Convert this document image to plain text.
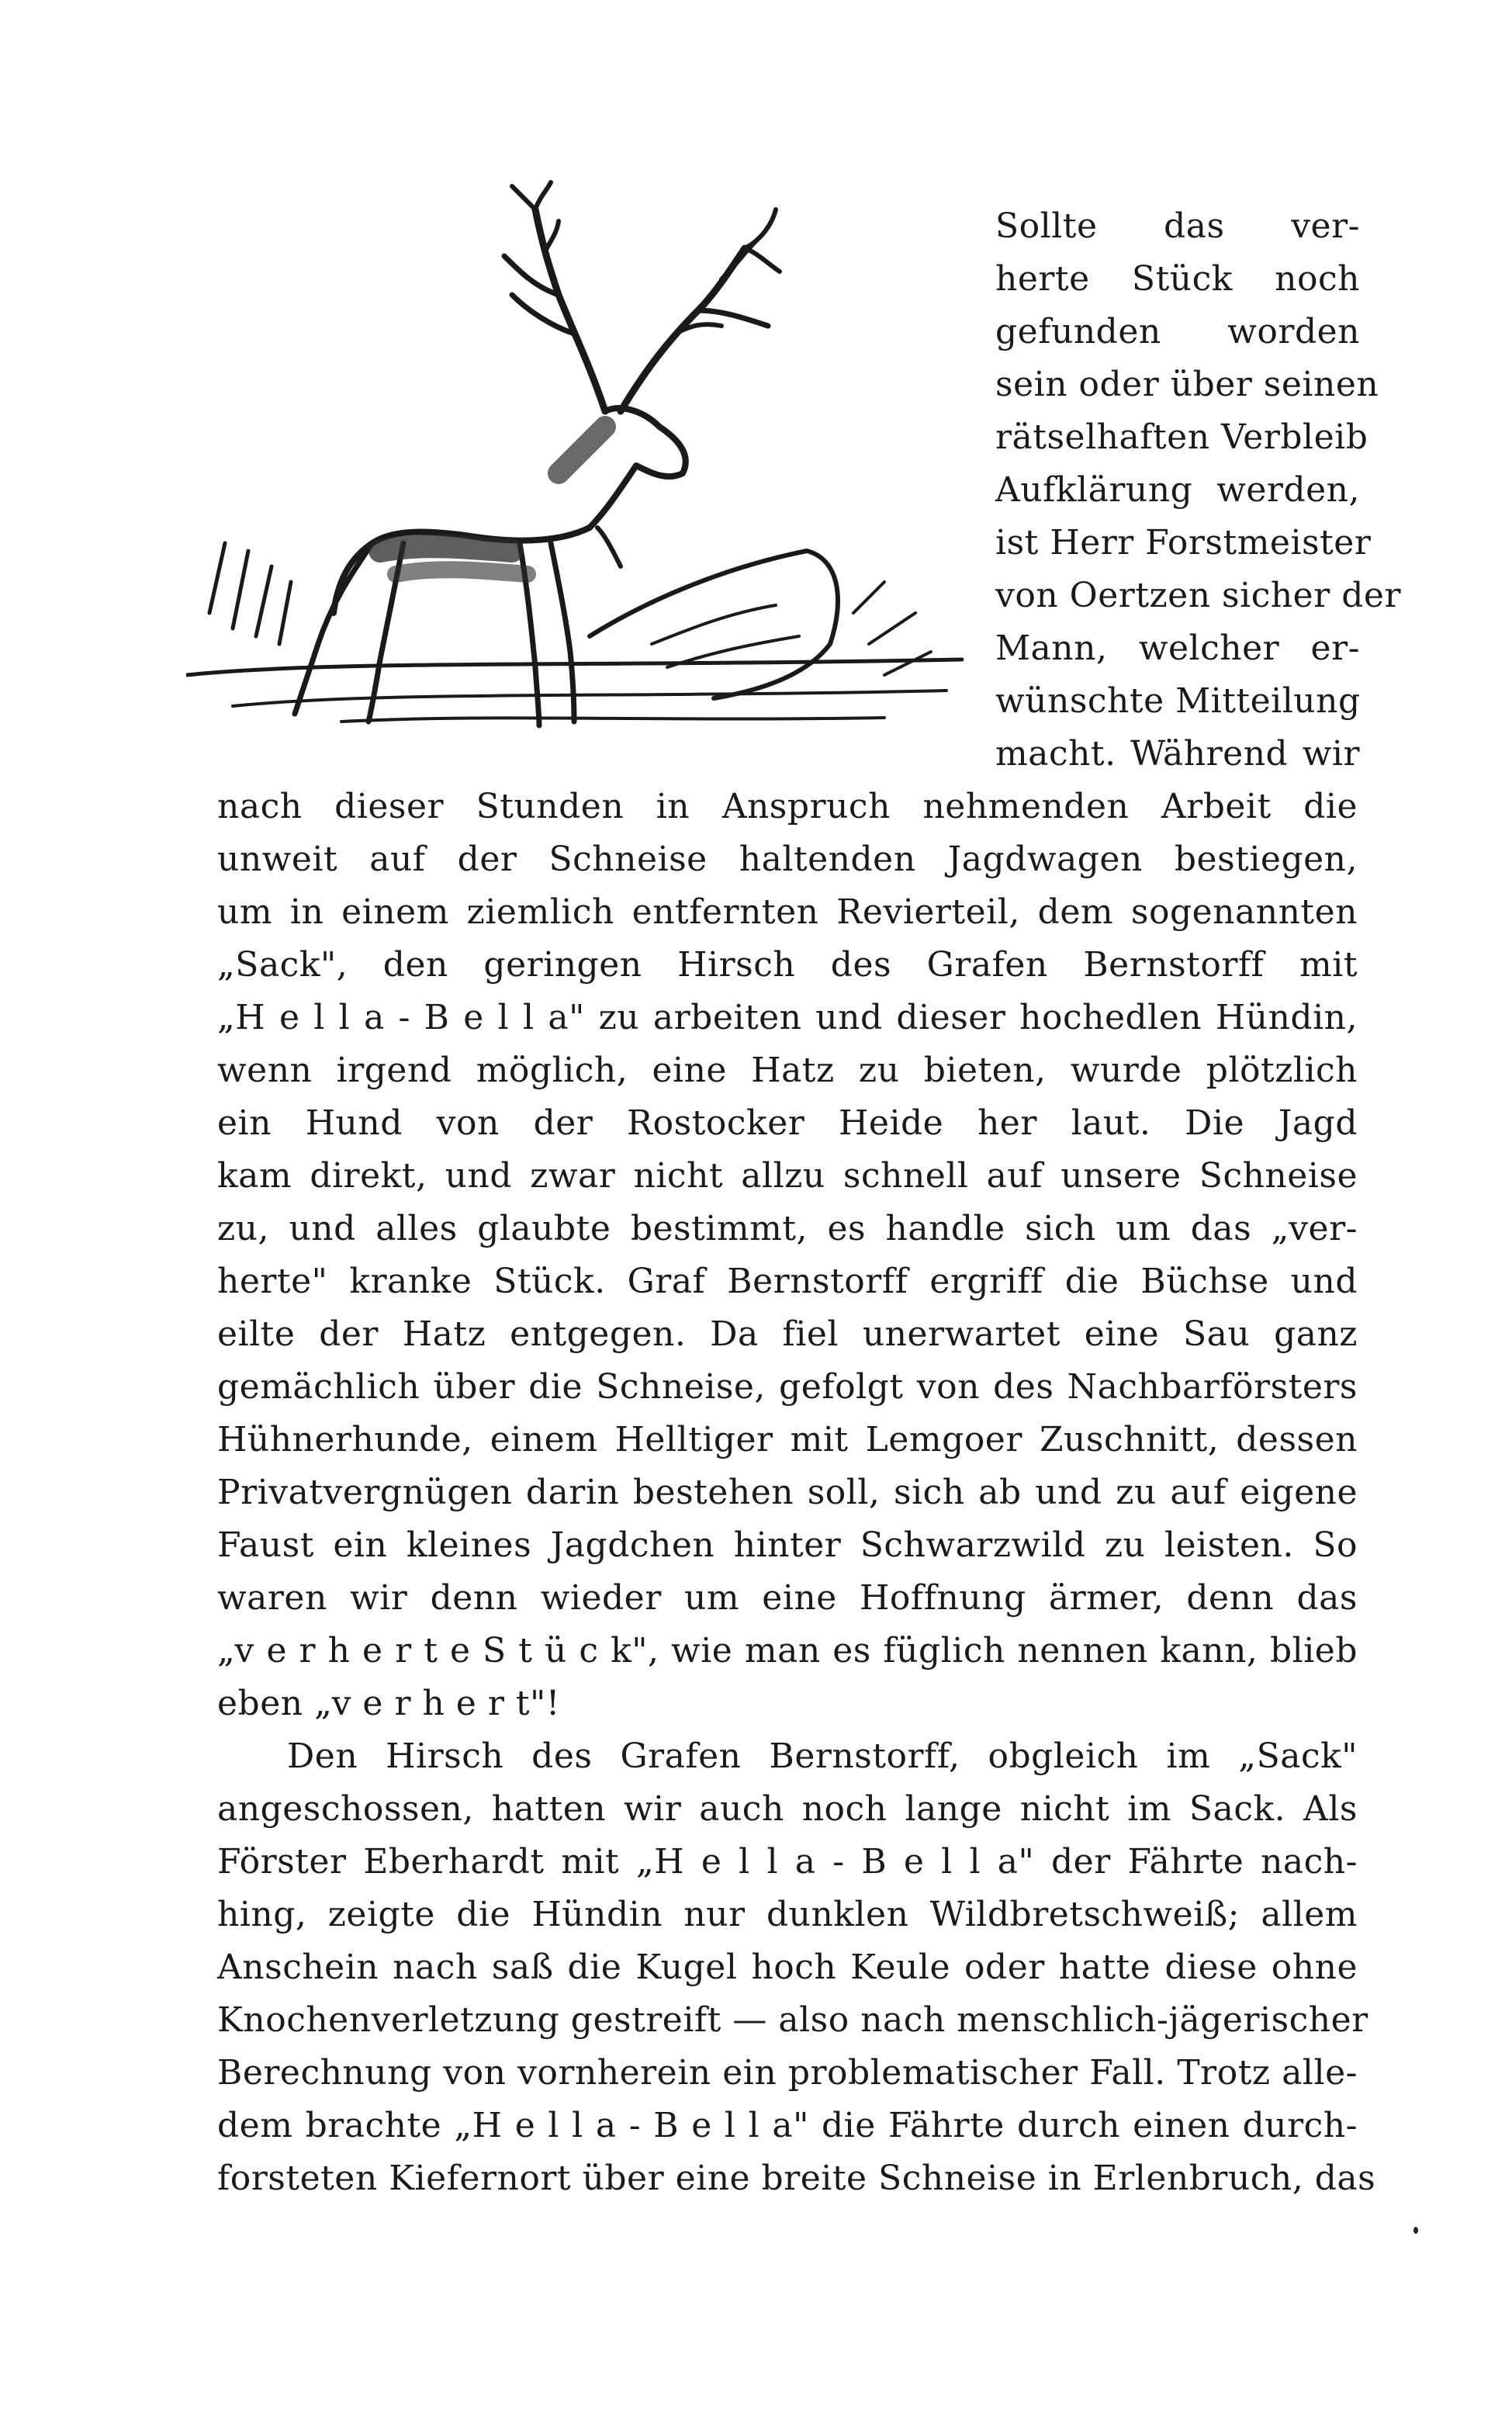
Sollte das ver-
herte Stück noch
gefunden worden
sein oder über seinen
rätselhaften Verbleib
Aufklärung werden,
ist Herr Forstmeister
von Oertzen sicher der
Mann, welcher er-
wünschte Mitteilung
macht. Während wir
nach dieser Stunden in Anspruch nehmenden Arbeit die
unweit auf der Schneise haltenden Jagdwagen bestiegen,
um in einem ziemlich entfernten Revierteil, dem sogenannten
„Sack", den geringen Hirsch des Grafen Bernstorff mit
„H e l l a - B e l l a" zu arbeiten und dieser hochedlen Hündin,
wenn irgend möglich, eine Hatz zu bieten, wurde plötzlich
ein Hund von der Rostocker Heide her laut. Die Jagd
kam direkt, und zwar nicht allzu schnell auf unsere Schneise
zu, und alles glaubte bestimmt, es handle sich um das „ver-
herte" kranke Stück. Graf Bernstorff ergriff die Büchse und
eilte der Hatz entgegen. Da fiel unerwartet eine Sau ganz
gemächlich über die Schneise, gefolgt von des Nachbarförsters
Hühnerhunde, einem Helltiger mit Lemgoer Zuschnitt, dessen
Privatvergnügen darin bestehen soll, sich ab und zu auf eigene
Faust ein kleines Jagdchen hinter Schwarzwild zu leisten. So
waren wir denn wieder um eine Hoffnung ärmer, denn das
„v e r h e r t e S t ü c k", wie man es füglich nennen kann, blieb
eben „v e r h e r t"!
Den Hirsch des Grafen Bernstorff, obgleich im „Sack"
angeschossen, hatten wir auch noch lange nicht im Sack. Als
Förster Eberhardt mit „H e l l a - B e l l a" der Fährte nach-
hing, zeigte die Hündin nur dunklen Wildbretschweiß; allem
Anschein nach saß die Kugel hoch Keule oder hatte diese ohne
Knochenverletzung gestreift — also nach menschlich-jägerischer
Berechnung von vornherein ein problematischer Fall. Trotz alle-
dem brachte „H e l l a - B e l l a" die Fährte durch einen durch-
forsteten Kiefernort über eine breite Schneise in Erlenbruch, das
